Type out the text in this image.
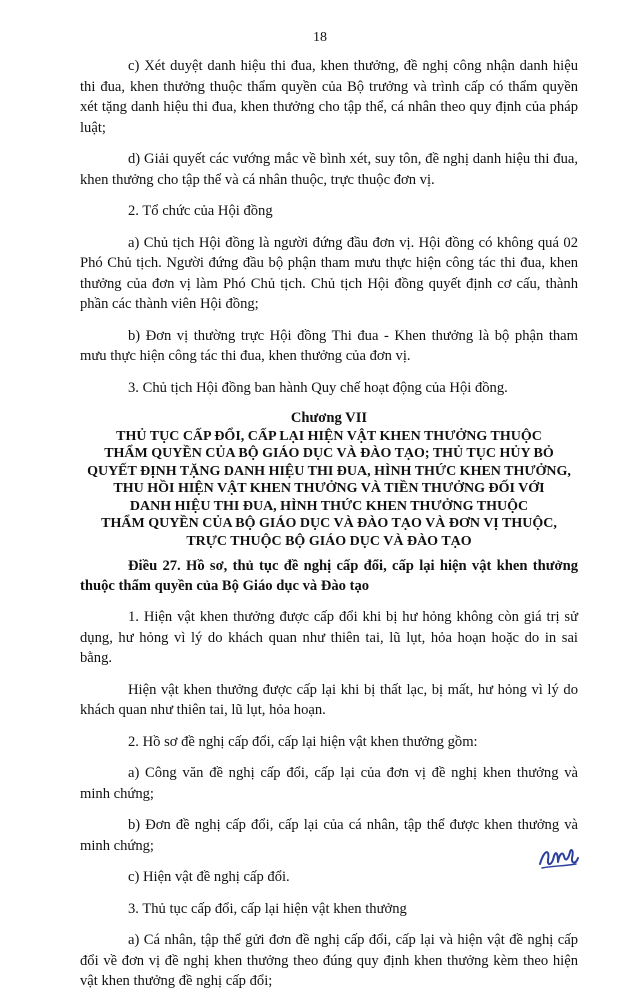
18

c) Xét duyệt danh hiệu thi đua, khen thưởng, đề nghị công nhận danh hiệu thi đua, khen thưởng thuộc thẩm quyền của Bộ trưởng và trình cấp có thẩm quyền xét tặng danh hiệu thi đua, khen thưởng cho tập thể, cá nhân theo quy định của pháp luật;

d) Giải quyết các vướng mắc về bình xét, suy tôn, đề nghị danh hiệu thi đua, khen thưởng cho tập thể và cá nhân thuộc, trực thuộc đơn vị.

2. Tổ chức của Hội đồng

a) Chủ tịch Hội đồng là người đứng đầu đơn vị. Hội đồng có không quá 02 Phó Chủ tịch. Người đứng đầu bộ phận tham mưu thực hiện công tác thi đua, khen thưởng của đơn vị làm Phó Chủ tịch. Chủ tịch Hội đồng quyết định cơ cấu, thành phần các thành viên Hội đồng;

b) Đơn vị thường trực Hội đồng Thi đua - Khen thưởng là bộ phận tham mưu thực hiện công tác thi đua, khen thưởng của đơn vị.

3. Chủ tịch Hội đồng ban hành Quy chế hoạt động của Hội đồng.

Chương VII

THỦ TỤC CẤP ĐỔI, CẤP LẠI HIỆN VẬT KHEN THƯỞNG THUỘC

THẨM QUYỀN CỦA BỘ GIÁO DỤC VÀ ĐÀO TẠO; THỦ TỤC HỦY BỎ

QUYẾT ĐỊNH TẶNG DANH HIỆU THI ĐUA, HÌNH THỨC KHEN THƯỞNG,

THU HỒI HIỆN VẬT KHEN THƯỞNG VÀ TIỀN THƯỞNG ĐỐI VỚI

DANH HIỆU THI ĐUA, HÌNH THỨC KHEN THƯỞNG THUỘC

THẨM QUYỀN CỦA BỘ GIÁO DỤC VÀ ĐÀO TẠO VÀ ĐƠN VỊ THUỘC,

TRỰC THUỘC BỘ GIÁO DỤC VÀ ĐÀO TẠO

Điều 27. Hồ sơ, thủ tục đề nghị cấp đổi, cấp lại hiện vật khen thưởng thuộc thẩm quyền của Bộ Giáo dục và Đào tạo

1. Hiện vật khen thưởng được cấp đổi khi bị hư hỏng không còn giá trị sử dụng, hư hỏng vì lý do khách quan như thiên tai, lũ lụt, hỏa hoạn hoặc do in sai bằng.

Hiện vật khen thưởng được cấp lại khi bị thất lạc, bị mất, hư hỏng vì lý do khách quan như thiên tai, lũ lụt, hỏa hoạn.

2. Hồ sơ đề nghị cấp đổi, cấp lại hiện vật khen thưởng gồm:

a) Công văn đề nghị cấp đổi, cấp lại của đơn vị đề nghị khen thưởng và minh chứng;

b) Đơn đề nghị cấp đổi, cấp lại của cá nhân, tập thể được khen thưởng và minh chứng;

c) Hiện vật đề nghị cấp đổi.

3. Thủ tục cấp đổi, cấp lại hiện vật khen thưởng

a) Cá nhân, tập thể gửi đơn đề nghị cấp đổi, cấp lại và hiện vật đề nghị cấp đổi về đơn vị đề nghị khen thưởng theo đúng quy định khen thưởng kèm theo hiện vật khen thưởng đề nghị cấp đổi;
